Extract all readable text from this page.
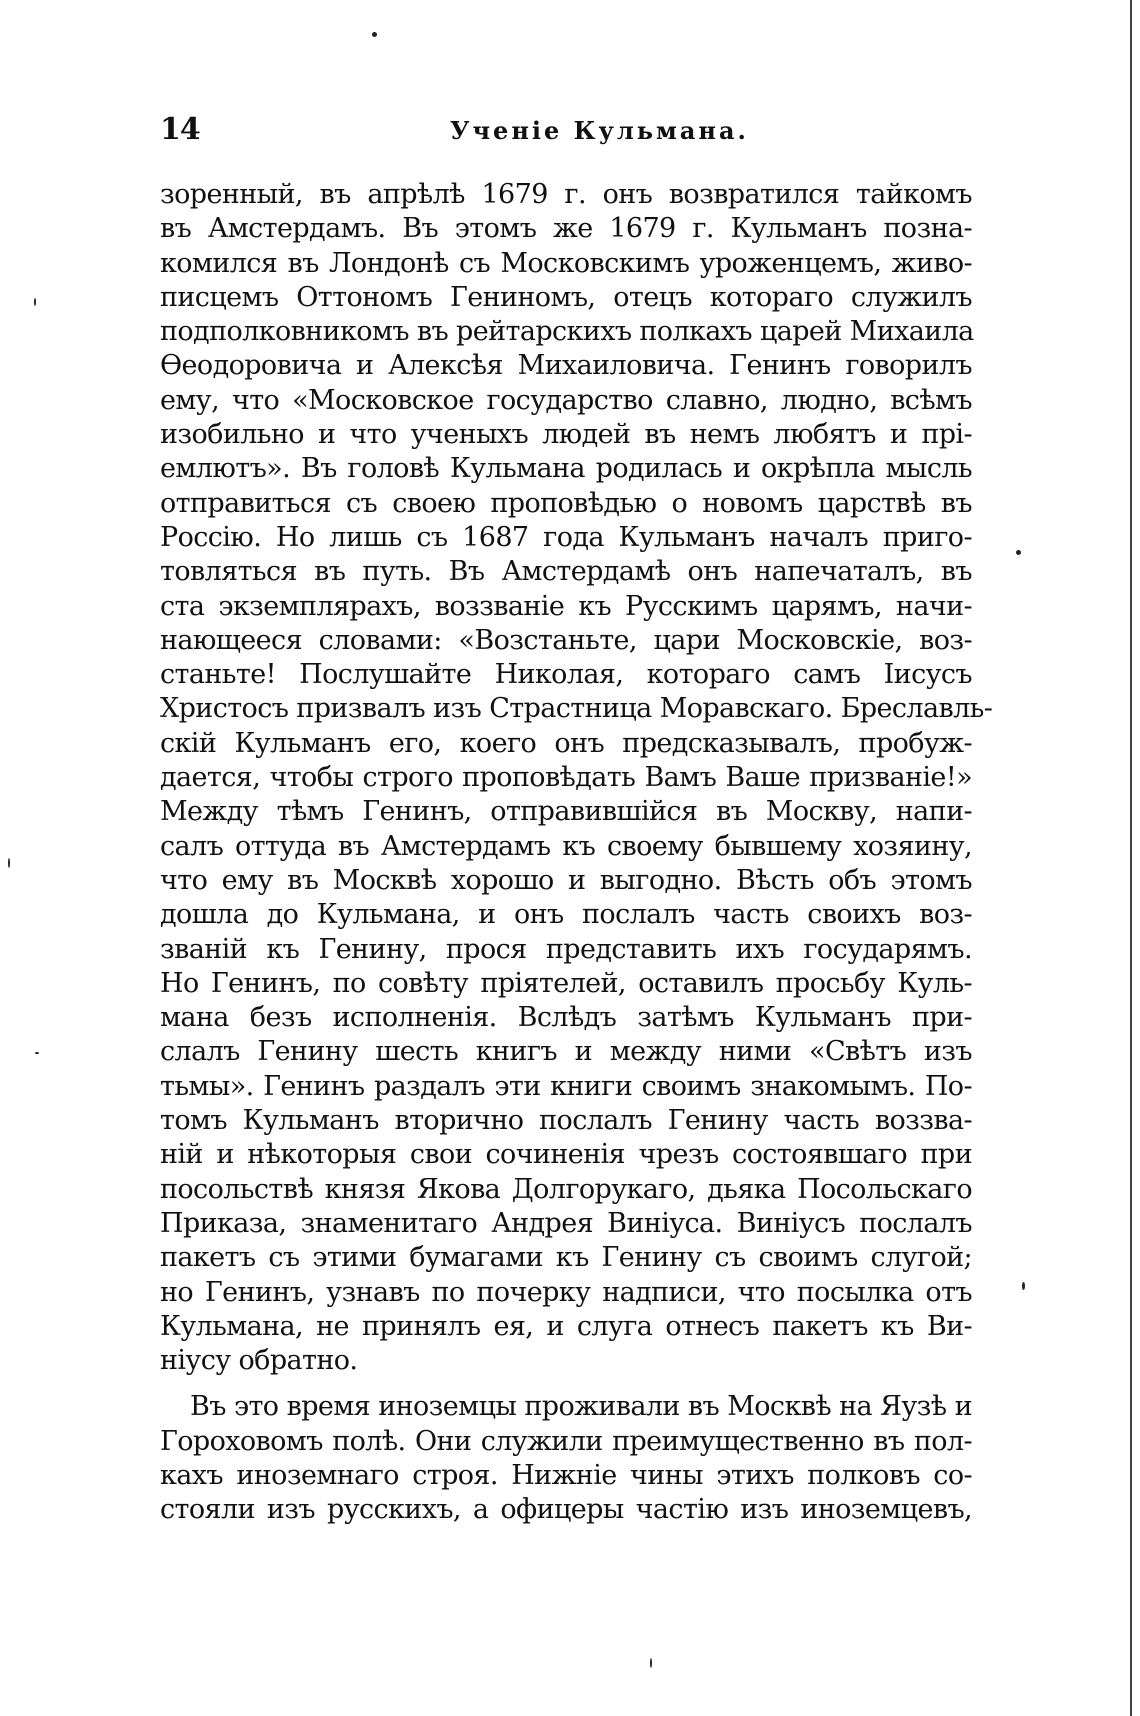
14	Ученіе Кульмана.
зоренный, въ апрѣлѣ 1679 г. онъ возвратился тайкомъ
въ Амстердамъ. Въ этомъ же 1679 г. Кульманъ позна-
комился въ Лондонѣ съ Московскимъ уроженцемъ, живо-
писцемъ Оттономъ Гениномъ, отецъ котораго служилъ
подполковникомъ въ рейтарскихъ полкахъ царей Михаила
Ѳеодоровича и Алексѣя Михаиловича. Генинъ говорилъ
ему, что «Московское государство славно, людно, всѣмъ
изобильно и что ученыхъ людей въ немъ любятъ и прі-
емлютъ». Въ головѣ Кульмана родилась и окрѣпла мысль
отправиться съ своею проповѣдью о новомъ царствѣ въ
Россію. Но лишь съ 1687 года Кульманъ началъ приго-
товляться въ путь. Въ Амстердамѣ онъ напечаталъ, въ
ста экземплярахъ, воззваніе къ Русскимъ царямъ, начи-
нающееся словами: «Возстаньте, цари Московскіе, воз-
станьте! Послушайте Николая, котораго самъ Іисусъ
Христосъ призвалъ изъ Страстница Моравскаго. Бреславль-
скій Кульманъ его, коего онъ предсказывалъ, пробуж-
дается, чтобы строго проповѣдать Вамъ Ваше призваніе!»
Между тѣмъ Генинъ, отправившійся въ Москву, напи-
салъ оттуда въ Амстердамъ къ своему бывшему хозяину,
что ему въ Москвѣ хорошо и выгодно. Вѣсть объ этомъ
дошла до Кульмана, и онъ послалъ часть своихъ воз-
званій къ Генину, прося представить ихъ государямъ.
Но Генинъ, по совѣту пріятелей, оставилъ просьбу Куль-
мана безъ исполненія. Вслѣдъ затѣмъ Кульманъ при-
слалъ Генину шесть книгъ и между ними «Свѣтъ изъ
тьмы». Генинъ раздалъ эти книги своимъ знакомымъ. По-
томъ Кульманъ вторично послалъ Генину часть воззва-
ній и нѣкоторыя свои сочиненія чрезъ состоявшаго при
посольствѣ князя Якова Долгорукаго, дьяка Посольскаго
Приказа, знаменитаго Андрея Виніуса. Виніусъ послалъ
пакетъ съ этими бумагами къ Генину съ своимъ слугой;
но Генинъ, узнавъ по почерку надписи, что посылка отъ
Кульмана, не принялъ ея, и слуга отнесъ пакетъ къ Ви-
ніусу обратно.
Въ это время иноземцы проживали въ Москвѣ на Яузѣ и
Гороховомъ полѣ. Они служили преимущественно въ пол-
кахъ иноземнаго строя. Нижніе чины этихъ полковъ со-
стояли изъ русскихъ, а офицеры частію изъ иноземцевъ,
